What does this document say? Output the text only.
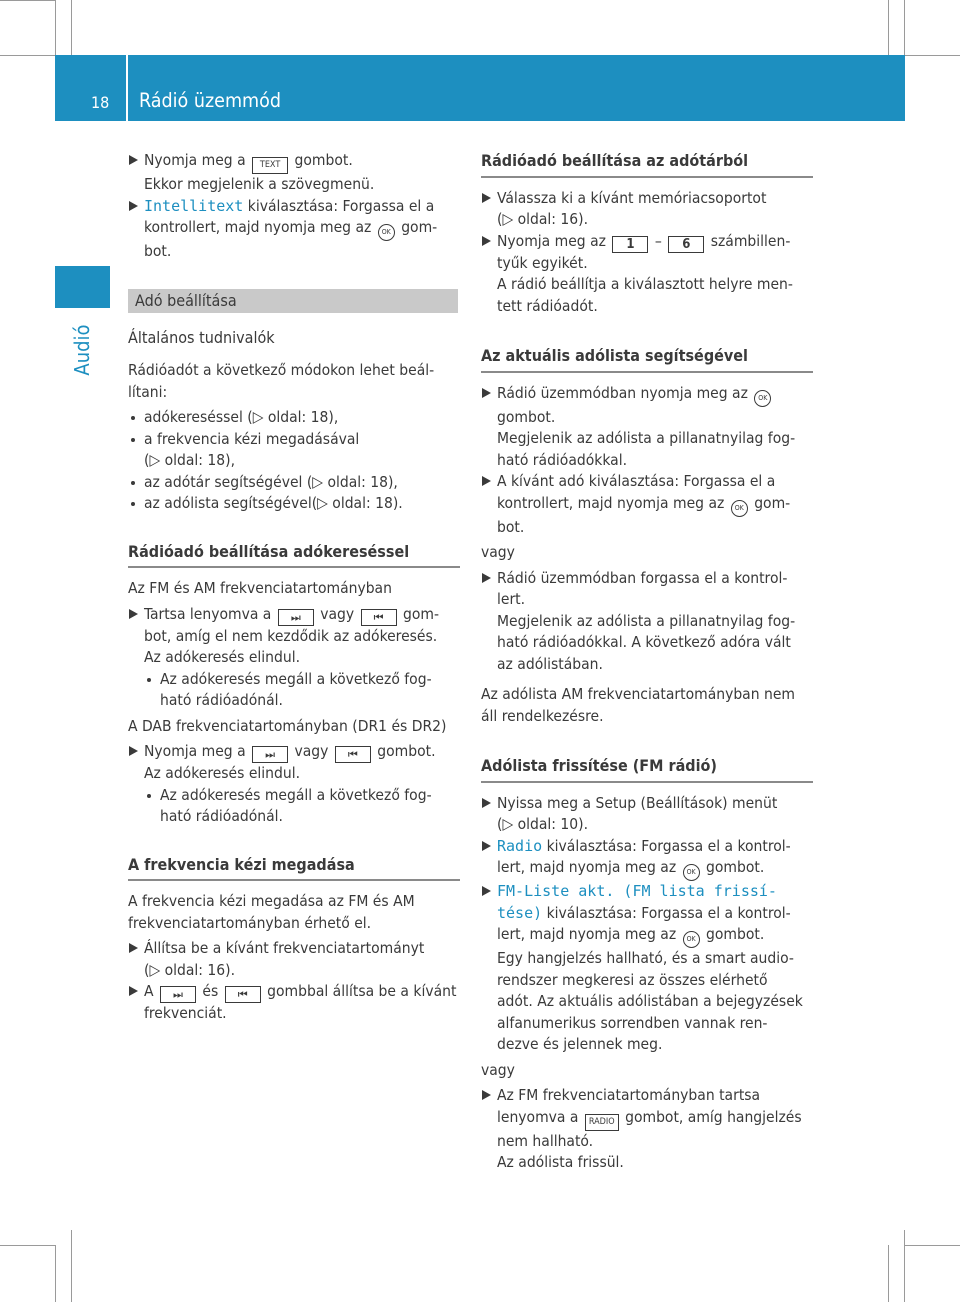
18 Rádió üzemmód
Audió
Nyomja meg a TEXT gombot.
Ekkor megjelenik a szövegmenü.
Intellitext kiválasztása: Forgassa el a
kontrollert, majd nyomja meg az OK gom-
bot.
Adó beállítása
Általános tudnivalók
Rádióadót a következő módokon lehet beál-
lítani:
adókereséssel (▷ oldal: 18),
a frekvencia kézi megadásával
(▷ oldal: 18),
az adótár segítségével (▷ oldal: 18),
az adólista segítségével(▷ oldal: 18).
Rádióadó beállítása adókereséssel
Az FM és AM frekvenciatartományban
Tartsa lenyomva a ⏭ vagy ⏮ gom-
bot, amíg el nem kezdődik az adókeresés.
Az adókeresés elindul.
Az adókeresés megáll a következő fog-
ható rádióadónál.
A DAB frekvenciatartományban (DR1 és DR2)
Nyomja meg a ⏭ vagy ⏮ gombot.
Az adókeresés elindul.
Az adókeresés megáll a következő fog-
ható rádióadónál.
A frekvencia kézi megadása
A frekvencia kézi megadása az FM és AM
frekvenciatartományban érhető el.
Állítsa be a kívánt frekvenciatartományt
(▷ oldal: 16).
A ⏭ és ⏮ gombbal állítsa be a kívánt
frekvenciát.
Rádióadó beállítása az adótárból
Válassza ki a kívánt memóriacsoportot
(▷ oldal: 16).
Nyomja meg az 1 – 6 számbillen-
tyűk egyikét.
A rádió beállítja a kiválasztott helyre men-
tett rádióadót.
Az aktuális adólista segítségével
Rádió üzemmódban nyomja meg az OK
gombot.
Megjelenik az adólista a pillanatnyilag fog-
ható rádióadókkal.
A kívánt adó kiválasztása: Forgassa el a
kontrollert, majd nyomja meg az OK gom-
bot.
vagy
Rádió üzemmódban forgassa el a kontrol-
lert.
Megjelenik az adólista a pillanatnyilag fog-
ható rádióadókkal. A következő adóra vált
az adólistában.
Az adólista AM frekvenciatartományban nem
áll rendelkezésre.
Adólista frissítése (FM rádió)
Nyissa meg a Setup (Beállítások) menüt
(▷ oldal: 10).
Radio kiválasztása: Forgassa el a kontrol-
lert, majd nyomja meg az OK gombot.
FM-Liste akt. (FM lista frissí-
tése) kiválasztása: Forgassa el a kontrol-
lert, majd nyomja meg az OK gombot.
Egy hangjelzés hallható, és a smart audio-
rendszer megkeresi az összes elérhető
adót. Az aktuális adólistában a bejegyzések
alfanumerikus sorrendben vannak ren-
dezve és jelennek meg.
vagy
Az FM frekvenciatartományban tartsa
lenyomva a RADIO gombot, amíg hangjelzés
nem hallható.
Az adólista frissül.
